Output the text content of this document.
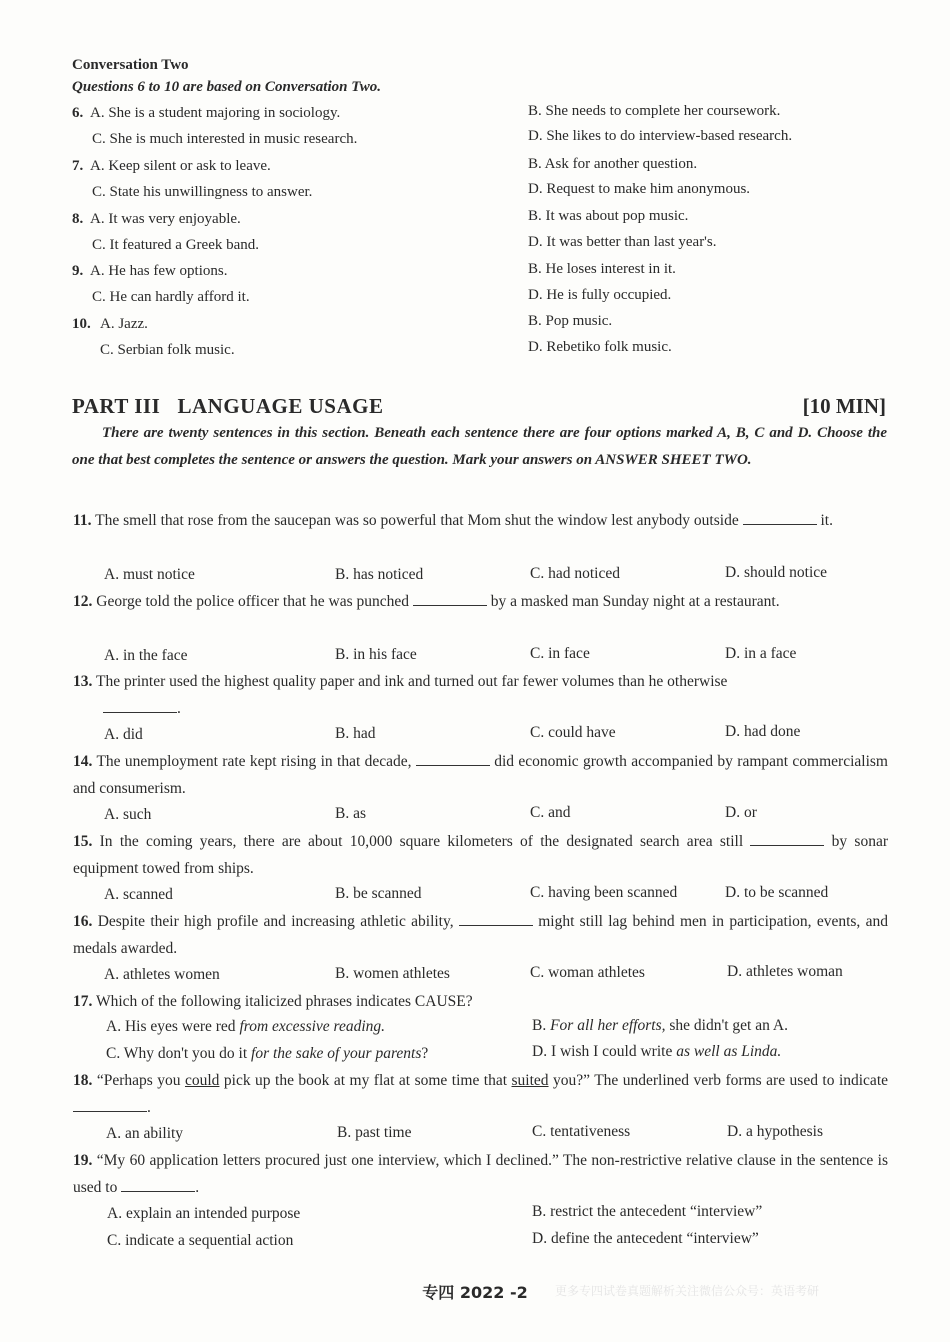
Conversation Two
Questions 6 to 10 are based on Conversation Two.
6. A. She is a student majoring in sociology.	B. She needs to complete her coursework.
C. She is much interested in music research.	D. She likes to do interview-based research.
7. A. Keep silent or ask to leave.	B. Ask for another question.
C. State his unwillingness to answer.	D. Request to make him anonymous.
8. A. It was very enjoyable.	B. It was about pop music.
C. It featured a Greek band.	D. It was better than last year's.
9. A. He has few options.	B. He loses interest in it.
C. He can hardly afford it.	D. He is fully occupied.
10. A. Jazz.	B. Pop music.
C. Serbian folk music.	D. Rebetiko folk music.
PART III   LANGUAGE USAGE	[10 MIN]
There are twenty sentences in this section. Beneath each sentence there are four options marked A, B, C and D. Choose the one that best completes the sentence or answers the question. Mark your answers on ANSWER SHEET TWO.
11. The smell that rose from the saucepan was so powerful that Mom shut the window lest anybody outside	it.
A. must notice	B. has noticed	C. had noticed	D. should notice
12. George told the police officer that he was punched	by a masked man Sunday night at a restaurant.
A. in the face	B. in his face	C. in face	D. in a face
13. The printer used the highest quality paper and ink and turned out far fewer volumes than he otherwise
.
A. did	B. had	C. could have	D. had done
14. The unemployment rate kept rising in that decade,	did economic growth accompanied by rampant commercialism and consumerism.
A. such	B. as	C. and	D. or
15. In the coming years, there are about 10,000 square kilometers of the designated search area still	by sonar equipment towed from ships.
A. scanned	B. be scanned	C. having been scanned	D. to be scanned
16. Despite their high profile and increasing athletic ability,	might still lag behind men in participation, events, and medals awarded.
A. athletes women	B. women athletes	C. woman athletes	D. athletes woman
17. Which of the following italicized phrases indicates CAUSE?
A. His eyes were red from excessive reading.	B. For all her efforts, she didn't get an A.
C. Why don't you do it for the sake of your parents?	D. I wish I could write as well as Linda.
18. “Perhaps you could pick up the book at my flat at some time that suited you?” The underlined verb forms are used to indicate .
A. an ability	B. past time	C. tentativeness	D. a hypothesis
19. “My 60 application letters procured just one interview, which I declined.” The non-restrictive relative clause in the sentence is used to	.
A. explain an intended purpose	B. restrict the antecedent “interview”
C. indicate a sequential action	D. define the antecedent “interview”
专四 2022 -2	更多专四试卷真题解析关注微信公众号：英语考研
